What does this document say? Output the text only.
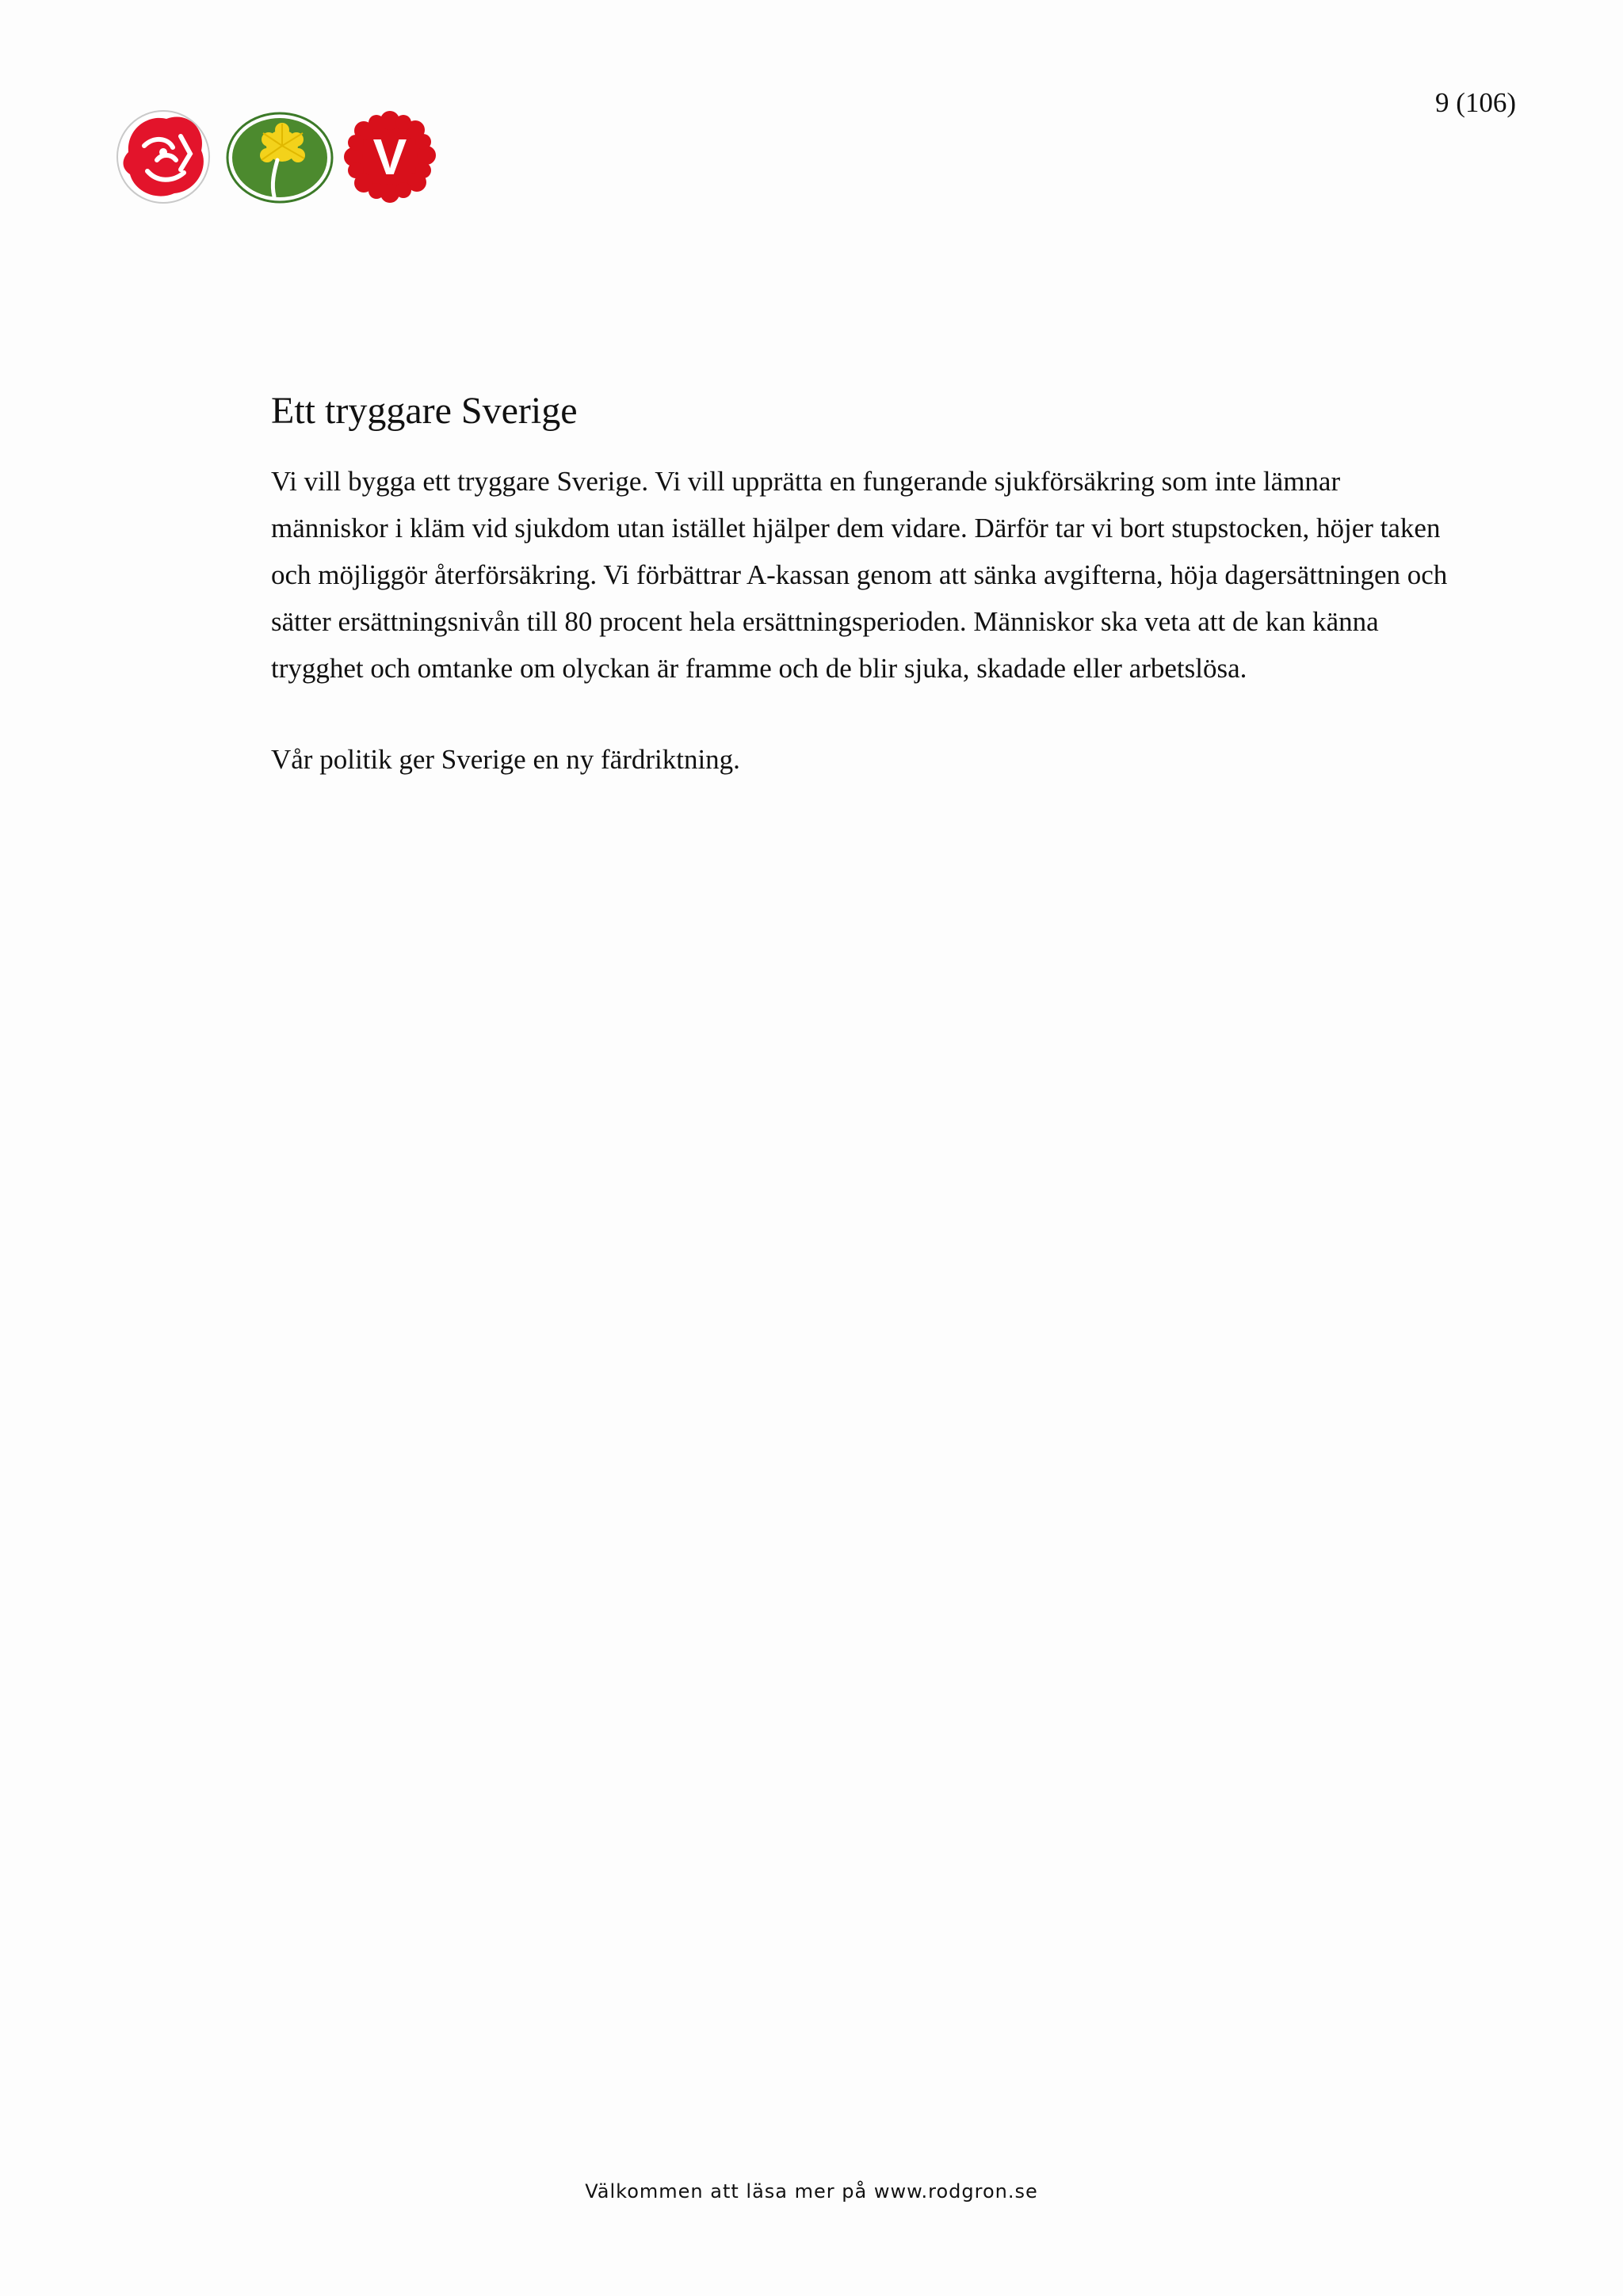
V
9 (106)
Ett tryggare Sverige

Vi vill bygga ett tryggare Sverige. Vi vill upprätta en fungerande sjukförsäkring som inte lämnar människor i kläm vid sjukdom utan istället hjälper dem vidare. Därför tar vi bort stupstocken, höjer taken och möjliggör återförsäkring. Vi förbättrar A-kassan genom att sänka avgifterna, höja dagersättningen och sätter ersättningsnivån till 80 procent hela ersättningsperioden. Människor ska veta att de kan känna trygghet och omtanke om olyckan är framme och de blir sjuka, skadade eller arbetslösa.

Vår politik ger Sverige en ny färdriktning.

Välkommen att läsa mer på www.rodgron.se
